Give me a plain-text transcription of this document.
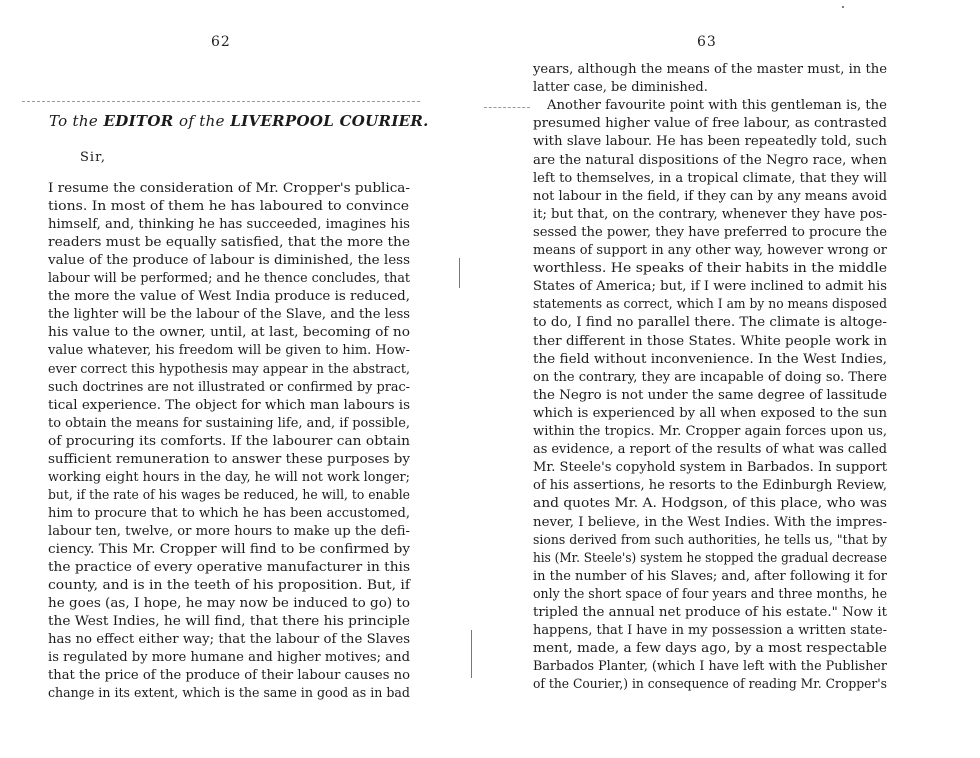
62
To the EDITOR of the LIVERPOOL COURIER.
Sir,
I resume the consideration of Mr. Cropper's publica-
tions. In most of them he has laboured to convince
himself, and, thinking he has succeeded, imagines his
readers must be equally satisfied, that the more the
value of the produce of labour is diminished, the less
labour will be performed; and he thence concludes, that
the more the value of West India produce is reduced,
the lighter will be the labour of the Slave, and the less
his value to the owner, until, at last, becoming of no
value whatever, his freedom will be given to him. How-
ever correct this hypothesis may appear in the abstract,
such doctrines are not illustrated or confirmed by prac-
tical experience. The object for which man labours is
to obtain the means for sustaining life, and, if possible,
of procuring its comforts. If the labourer can obtain
sufficient remuneration to answer these purposes by
working eight hours in the day, he will not work longer;
but, if the rate of his wages be reduced, he will, to enable
him to procure that to which he has been accustomed,
labour ten, twelve, or more hours to make up the defi-
ciency. This Mr. Cropper will find to be confirmed by
the practice of every operative manufacturer in this
county, and is in the teeth of his proposition. But, if
he goes (as, I hope, he may now be induced to go) to
the West Indies, he will find, that there his principle
has no effect either way; that the labour of the Slaves
is regulated by more humane and higher motives; and
that the price of the produce of their labour causes no
change in its extent, which is the same in good as in bad
63
years, although the means of the master must, in the
latter case, be diminished.
Another favourite point with this gentleman is, the
presumed higher value of free labour, as contrasted
with slave labour. He has been repeatedly told, such
are the natural dispositions of the Negro race, when
left to themselves, in a tropical climate, that they will
not labour in the field, if they can by any means avoid
it; but that, on the contrary, whenever they have pos-
sessed the power, they have preferred to procure the
means of support in any other way, however wrong or
worthless. He speaks of their habits in the middle
States of America; but, if I were inclined to admit his
statements as correct, which I am by no means disposed
to do, I find no parallel there. The climate is altoge-
ther different in those States. White people work in
the field without inconvenience. In the West Indies,
on the contrary, they are incapable of doing so. There
the Negro is not under the same degree of lassitude
which is experienced by all when exposed to the sun
within the tropics. Mr. Cropper again forces upon us,
as evidence, a report of the results of what was called
Mr. Steele's copyhold system in Barbados. In support
of his assertions, he resorts to the Edinburgh Review,
and quotes Mr. A. Hodgson, of this place, who was
never, I believe, in the West Indies. With the impres-
sions derived from such authorities, he tells us, "that by
his (Mr. Steele's) system he stopped the gradual decrease
in the number of his Slaves; and, after following it for
only the short space of four years and three months, he
tripled the annual net produce of his estate." Now it
happens, that I have in my possession a written state-
ment, made, a few days ago, by a most respectable
Barbados Planter, (which I have left with the Publisher
of the Courier,) in consequence of reading Mr. Cropper's
